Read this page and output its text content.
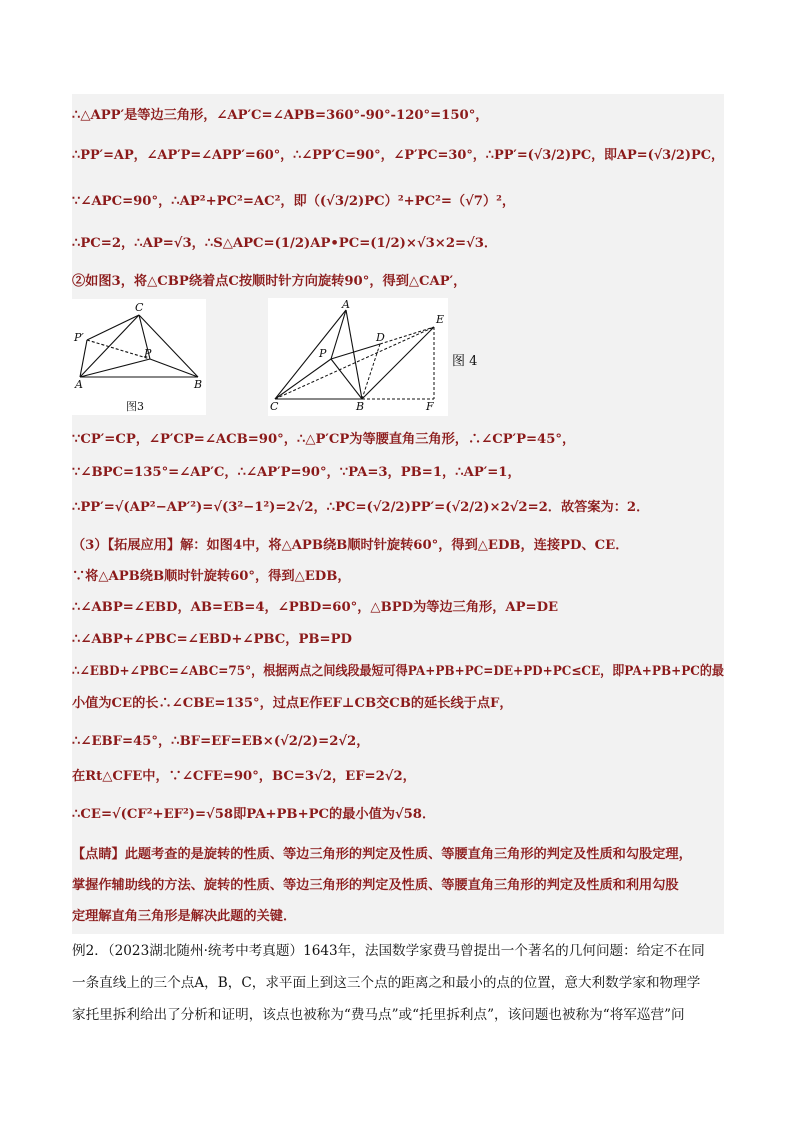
∴△APP′是等边三角形，∠AP′C=∠APB=360°-90°-120°=150°，
∴PP′=AP，∠AP′P=∠APP′=60°，∴∠PP′C=90°，∠P′PC=30°，∴PP′=(√3/2)PC，即AP=(√3/2)PC，
∵∠APC=90°，∴AP²+PC²=AC²，即（(√3/2)PC）²+PC²=（√7）²，
∴PC=2，∴AP=√3，∴S△APC=(1/2)AP•PC=(1/2)×√3×2=√3．
②如图3，将△CBP绕着点C按顺时针方向旋转90°，得到△CAP′，
C
P′
P
A	B
图3
A
E
D
P
C	B	F
图 4
∵CP′=CP，∠P′CP=∠ACB=90°，∴△P′CP为等腰直角三角形，∴∠CP′P=45°，
∵∠BPC=135°=∠AP′C，∴∠AP′P=90°，∵PA=3，PB=1，∴AP′=1，
∴PP′=√(AP²−AP′²)=√(3²−1²)=2√2，∴PC=(√2/2)PP′=(√2/2)×2√2=2．故答案为：2．
（3）【拓展应用】解：如图4中，将△APB绕B顺时针旋转60°，得到△EDB，连接PD、CE．
∵将△APB绕B顺时针旋转60°，得到△EDB，
∴∠ABP=∠EBD，AB=EB=4，∠PBD=60°，△BPD为等边三角形，AP=DE
∴∠ABP+∠PBC=∠EBD+∠PBC，PB=PD
∴∠EBD+∠PBC=∠ABC=75°，根据两点之间线段最短可得PA+PB+PC=DE+PD+PC≤CE，即PA+PB+PC的最
小值为CE的长∴∠CBE=135°，过点E作EF⊥CB交CB的延长线于点F，
∴∠EBF=45°，∴BF=EF=EB×(√2/2)=2√2，
在Rt△CFE中，∵∠CFE=90°，BC=3√2，EF=2√2，
∴CE=√(CF²+EF²)=√58即PA+PB+PC的最小值为√58．
【点睛】此题考查的是旋转的性质、等边三角形的判定及性质、等腰直角三角形的判定及性质和勾股定理，
掌握作辅助线的方法、旋转的性质、等边三角形的判定及性质、等腰直角三角形的判定及性质和利用勾股
定理解直角三角形是解决此题的关键．
例2．（2023湖北随州·统考中考真题）1643年，法国数学家费马曾提出一个著名的几何问题：给定不在同
一条直线上的三个点A，B，C，求平面上到这三个点的距离之和最小的点的位置，意大利数学家和物理学
家托里拆利给出了分析和证明，该点也被称为“费马点”或“托里拆利点”，该问题也被称为“将军巡营”问
